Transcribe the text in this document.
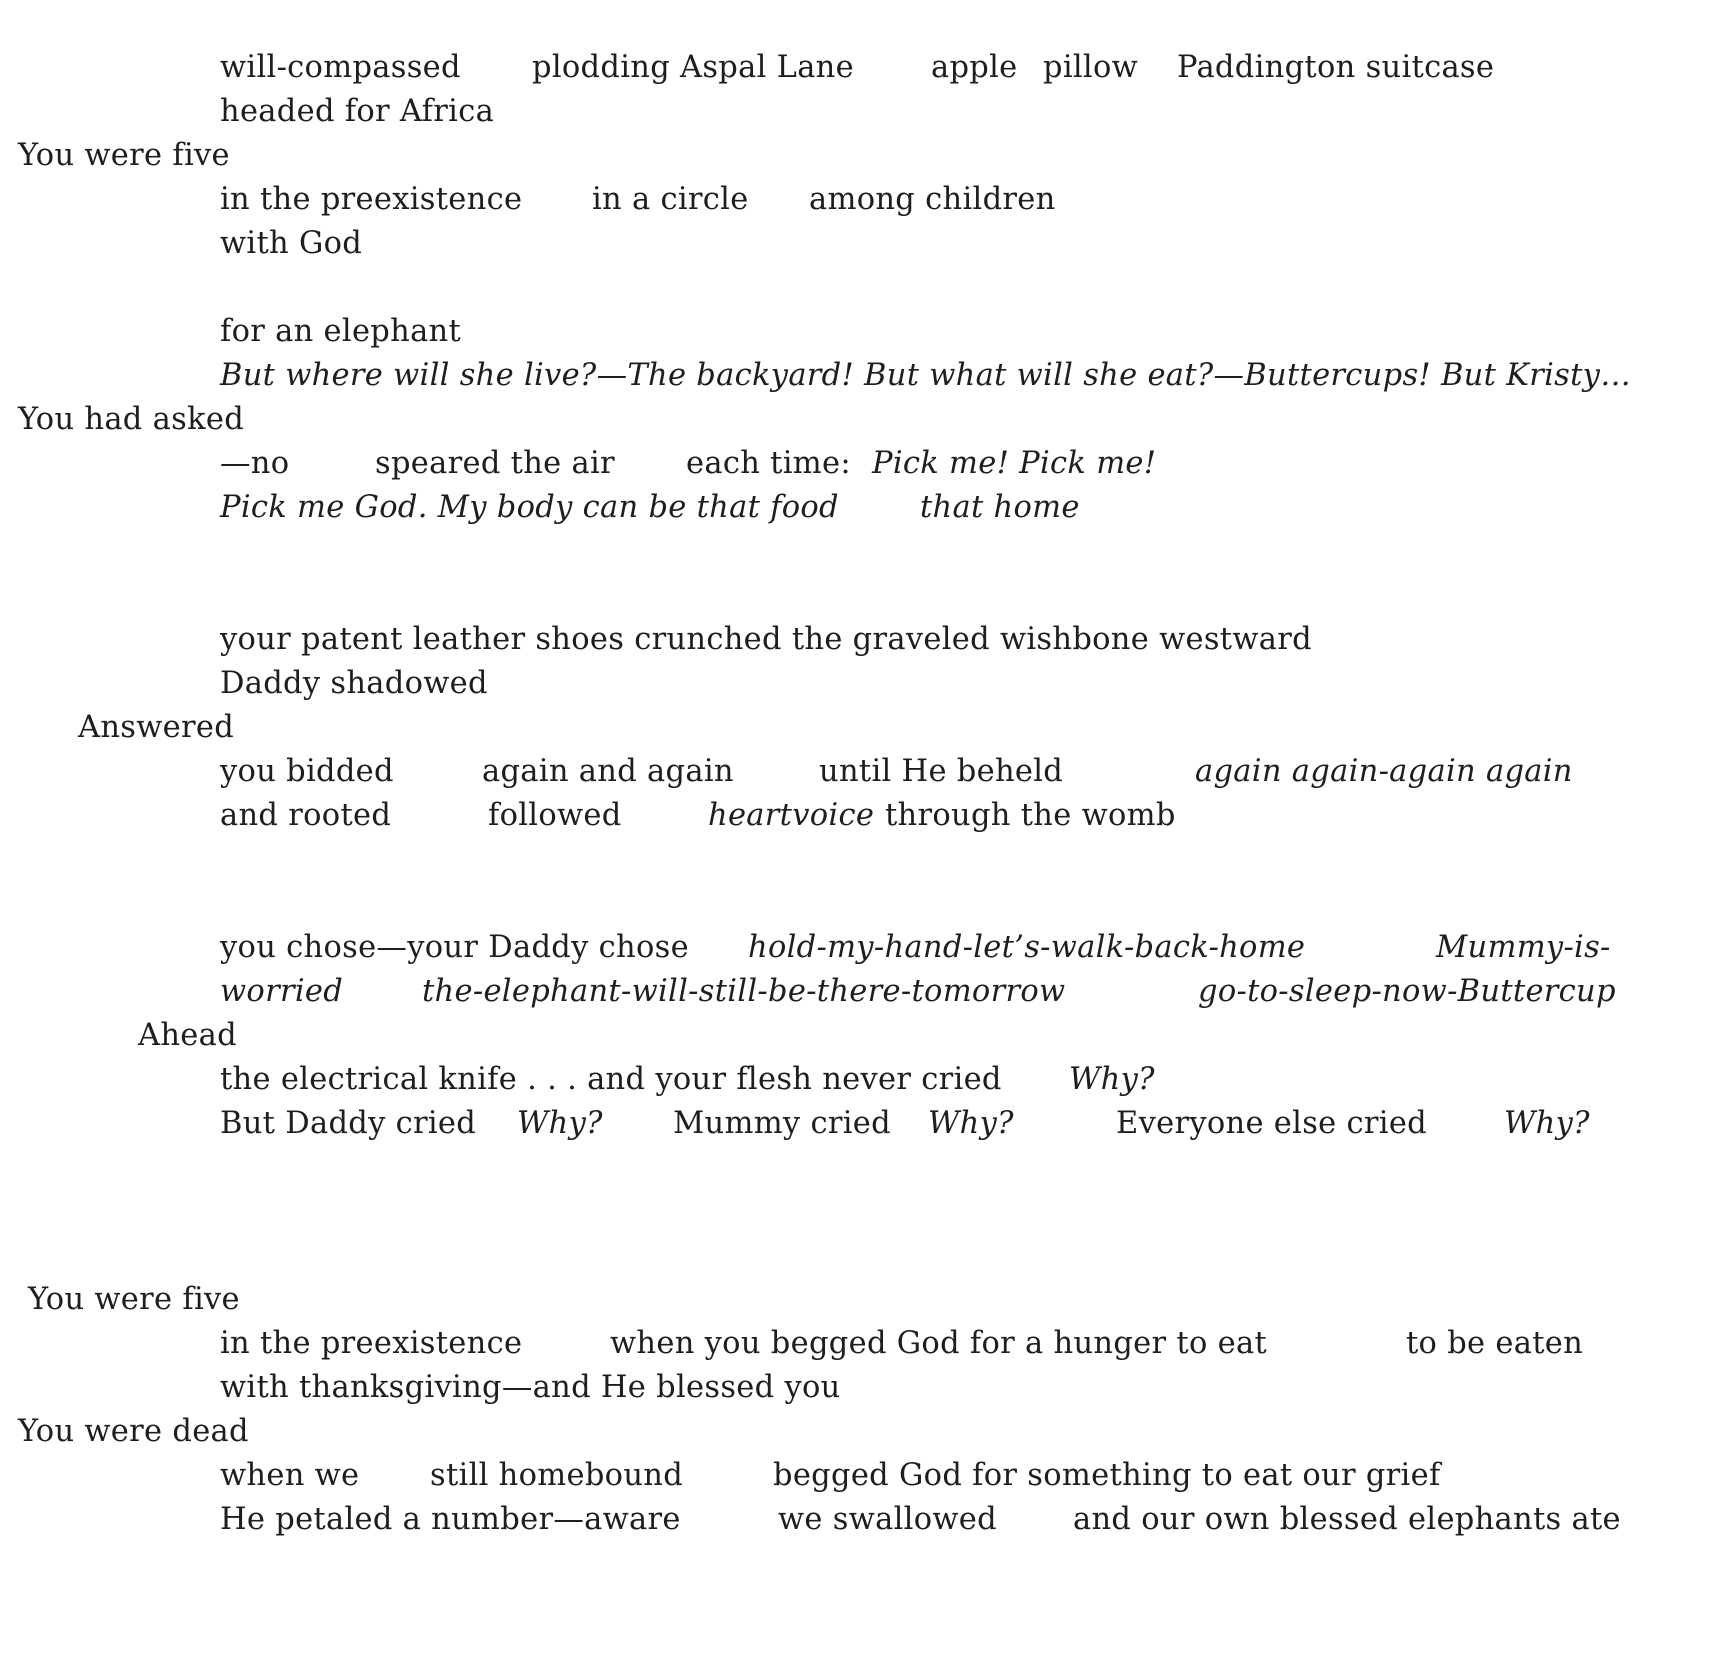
will-compassed plodding Aspal Lane	apple pillow Paddington suitcase
headed for Africa
You were five
in the preexistence in a circle among children
with God
for an elephant
But where will she live?—The backyard! But what will she eat?—Buttercups! But Kristy…
You had asked
—no	speared the air each time: Pick me! Pick me!
Pick me God. My body can be that food	that home
your patent leather shoes crunched the graveled wishbone westward
Daddy shadowed
Answered
you bidded	again and again	until He beheld	again again-again again
and rooted	followed	heartvoice through the womb
you chose—your Daddy chose hold-my-hand-let’s-walk-back-home	Mummy-is-
worried	the-elephant-will-still-be-there-tomorrow	go-to-sleep-now-Buttercup
Ahead
the electrical knife . . . and your flesh never cried Why?
But Daddy cried Why? Mummy cried Why?	Everyone else cried	Why?
You were five
in the preexistence	when you begged God for a hunger to eat	to be eaten
with thanksgiving—and He blessed you
You were dead
when we still homebound	begged God for something to eat our grief
He petaled a number—aware	we swallowed and our own blessed elephants ate
